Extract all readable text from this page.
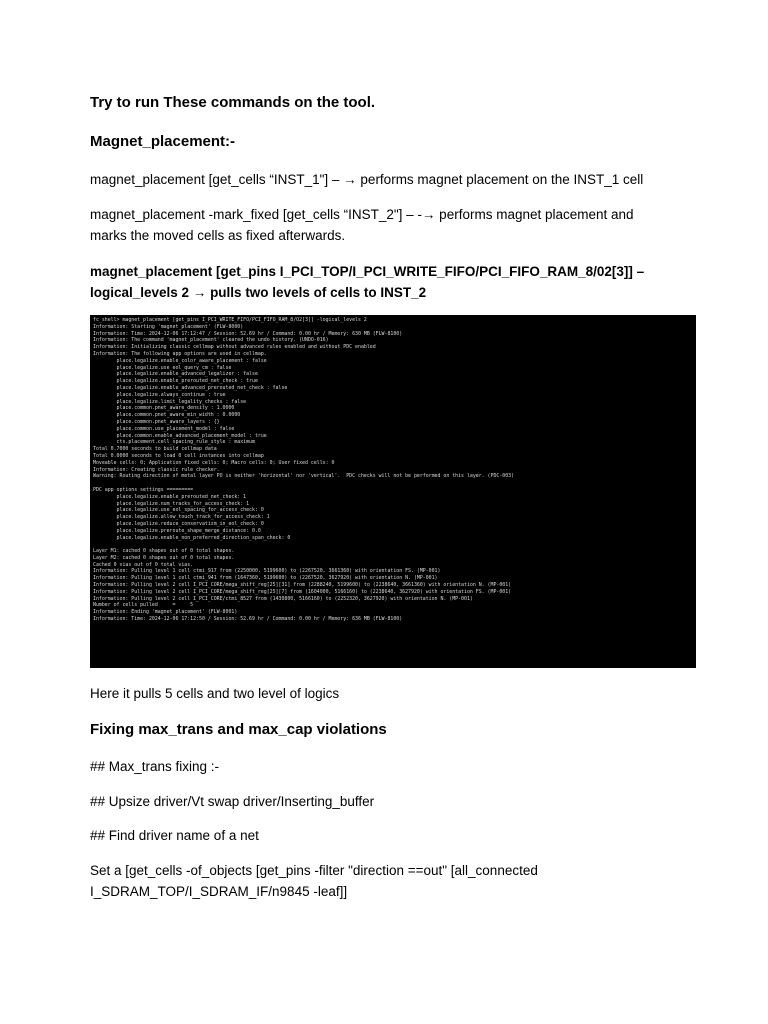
Try to run These commands on the tool.
Magnet_placement:-
magnet_placement [get_cells “INST_1"] – → performs magnet placement on the INST_1 cell
magnet_placement -mark_fixed [get_cells “INST_2"] – -→ performs magnet placement and marks the moved cells as fixed afterwards.
magnet_placement [get_pins I_PCI_TOP/I_PCI_WRITE_FIFO/PCI_FIFO_RAM_8/02[3]] – logical_levels 2 → pulls two levels of cells to INST_2
fc_shell> magnet_placement [get_pins I_PCI_WRITE_FIFO/PCI_FIFO_RAM_8/O2[3]] -logical_levels 2
Information: Starting 'magnet_placement' (FLW-8000)
Information: Time: 2024-12-06 17:12:47 / Session: 52.69 hr / Command: 0.00 hr / Memory: 630 MB (FLW-8100)
Information: The command 'magnet_placement' cleared the undo history. (UNDO-016)
Information: Initializing classic cellmap without advanced rules enabled and without PDC enabled
Information: The following app options are used in cellmap.
place.legalize.enable_color_aware_placement : false
place.legalize.use_eol_query_cm : false
place.legalize.enable_advanced_legalizer : false
place.legalize.enable_prerouted_net_check : true
place.legalize.enable_advanced_prerouted_net_check : false
place.legalize.always_continue : true
place.legalize.limit_legality_checks : false
place.common.pnet_aware_density : 1.0000
place.common.pnet_aware_min_width : 0.0000
place.common.pnet_aware_layers : {}
place.common.use_placement_model : false
place.common.enable_advanced_placement_model : true
cts.placement.cell_spacing_rule_style : maximum
Total 0.7000 seconds to build cellmap data
Total 0.0000 seconds to load 0 cell instances into cellmap
Moveable cells: 0; Application fixed cells: 0; Macro cells: 0; User fixed cells: 0
Information: Creating classic rule checker.
Warning: Routing direction of metal layer PO is neither 'horizontal' nor 'vertical'.  PDC checks will not be performed on this layer. (PDC-003)
PDC app options settings =========
place.legalize.enable_prerouted_net_check: 1
place.legalize.num_tracks_for_access_check: 1
place.legalize.use_eol_spacing_for_access_check: 0
place.legalize.allow_touch_track_for_access_check: 1
place.legalize.reduce_conservatism_in_eol_check: 0
place.legalize.preroute_shape_merge_distance: 0.0
place.legalize.enable_non_preferred_direction_span_check: 0
Layer M1: cached 0 shapes out of 0 total shapes.
Layer M2: cached 0 shapes out of 0 total shapes.
Cached 0 vias out of 0 total vias.
Information: Pulling level 1 cell ctmi_917 from (2250000, 5199600) to (2267520, 3661360) with orientation FS. (MP-001)
Information: Pulling level 1 cell ctmi_941 from (1647360, 5199600) to (2267520, 3627920) with orientation N. (MP-001)
Information: Pulling level 2 cell I_PCI_CORE/mega_shift_reg[25][31] from (2288240, 5199600) to (2238640, 3661360) with orientation N. (MP-001)
Information: Pulling level 2 cell I_PCI_CORE/mega_shift_reg[25][7] from (1604000, 5166160) to (2238640, 3627920) with orientation FS. (MP-001)
Information: Pulling level 2 cell I_PCI_CORE/ctmi_8527 from (1430800, 5166160) to (2252320, 3627920) with orientation N. (MP-001)
Number of cells pulled     =     5
Information: Ending 'magnet_placement' (FLW-8001)
Information: Time: 2024-12-06 17:12:50 / Session: 52.69 hr / Command: 0.00 hr / Memory: 636 MB (FLW-8100)
Here it pulls 5 cells and two level of logics
Fixing max_trans and max_cap violations
## Max_trans fixing :-
## Upsize driver/Vt swap driver/Inserting_buffer
## Find driver name of a net
Set a [get_cells -of_objects [get_pins -filter "direction ==out" [all_connected I_SDRAM_TOP/I_SDRAM_IF/n9845 -leaf]]
